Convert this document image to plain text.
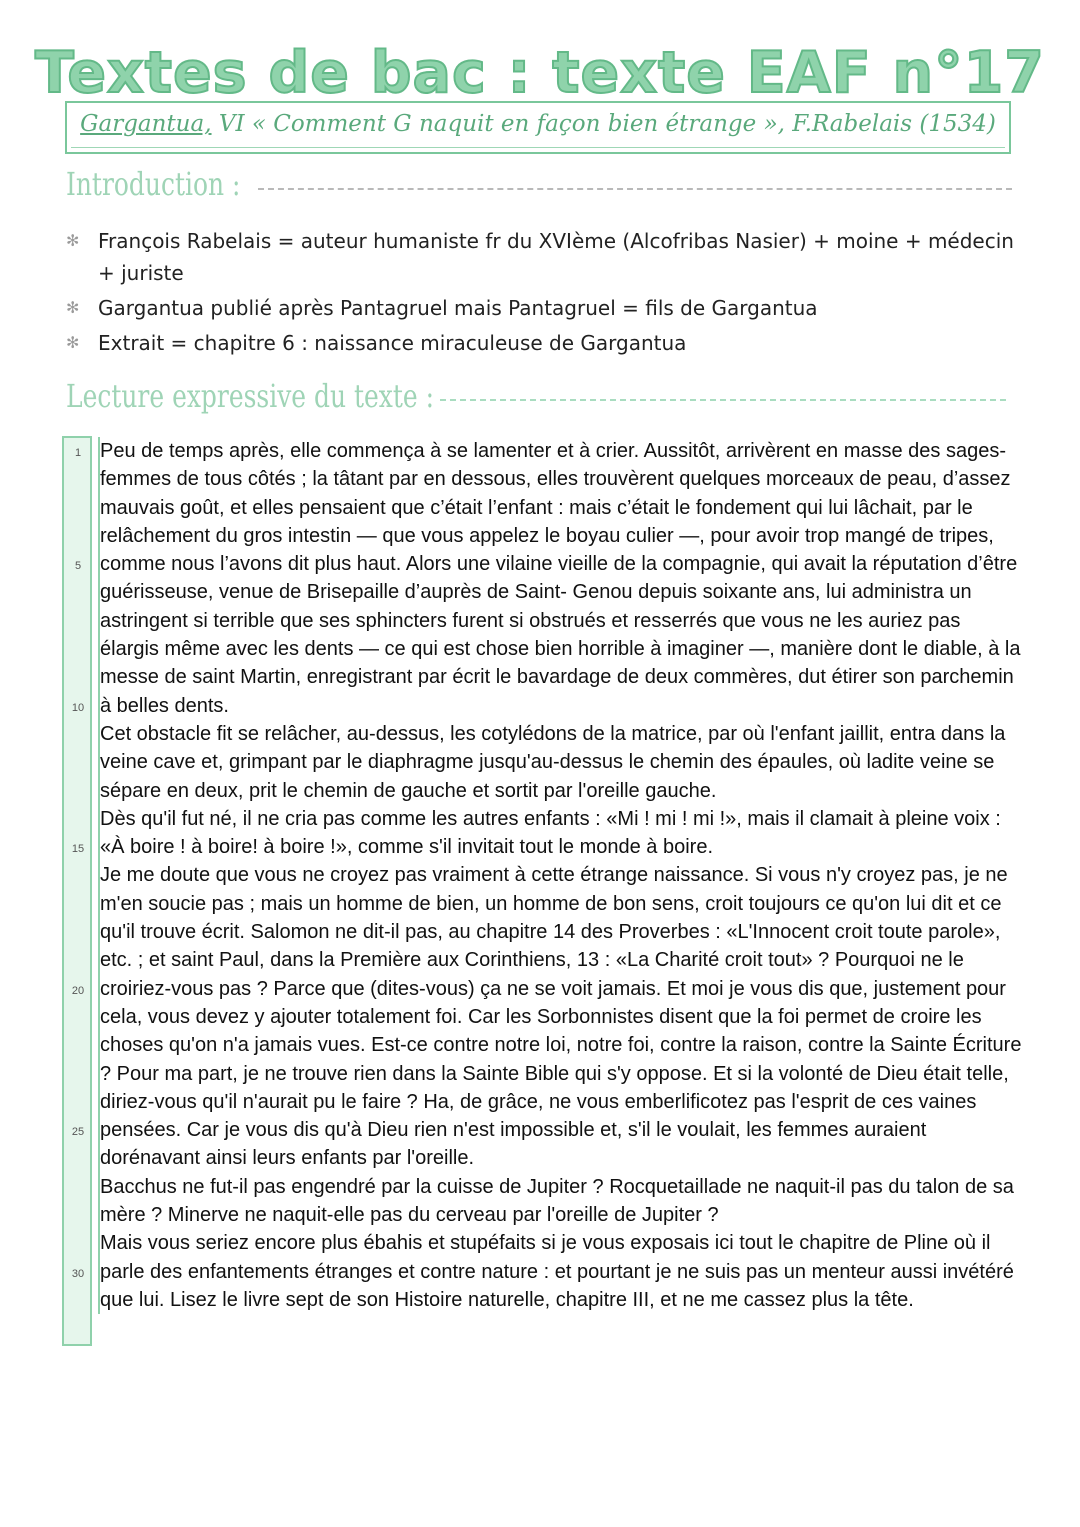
Textes de bac : texte EAF n°17
Gargantua, VI « Comment G naquit en façon bien étrange », F.Rabelais (1534)
Introduction :
✻ François Rabelais = auteur humaniste fr du XVIème (Alcofribas Nasier) + moine + médecin + juriste
✻ Gargantua publié après Pantagruel mais Pantagruel = fils de Gargantua
✻ Extrait = chapitre 6 : naissance miraculeuse de Gargantua
Lecture expressive du texte :
1
5
10
15
20
25
30

Peu de temps après, elle commença à se lamenter et à crier. Aussitôt, arrivèrent en masse des sages-femmes de tous côtés ; la tâtant par en dessous, elles trouvèrent quelques morceaux de peau, d’assez mauvais goût, et elles pensaient que c’était l’enfant : mais c’était le fondement qui lui lâchait, par le relâchement du gros intestin — que vous appelez le boyau culier —, pour avoir trop mangé de tripes, comme nous l’avons dit plus haut. Alors une vilaine vieille de la compagnie, qui avait la réputation d’être guérisseuse, venue de Brisepaille d’auprès de Saint- Genou depuis soixante ans, lui administra un astringent si terrible que ses sphincters furent si obstrués et resserrés que vous ne les auriez pas élargis même avec les dents — ce qui est chose bien horrible à imaginer —, manière dont le diable, à la messe de saint Martin, enregistrant par écrit le bavardage de deux commères, dut étirer son parchemin à belles dents.

Cet obstacle fit se relâcher, au-dessus, les cotylédons de la matrice, par où l'enfant jaillit, entra dans la veine cave et, grimpant par le diaphragme jusqu'au-dessus le chemin des épaules, où ladite veine se sépare en deux, prit le chemin de gauche et sortit par l'oreille gauche.

Dès qu'il fut né, il ne cria pas comme les autres enfants : «Mi ! mi ! mi !», mais il clamait à pleine voix : «À boire ! à boire! à boire !», comme s'il invitait tout le monde à boire.

Je me doute que vous ne croyez pas vraiment à cette étrange naissance. Si vous n'y croyez pas, je ne m'en soucie pas ; mais un homme de bien, un homme de bon sens, croit toujours ce qu'on lui dit et ce qu'il trouve écrit. Salomon ne dit-il pas, au chapitre 14 des Proverbes : «L'Innocent croit toute parole», etc. ; et saint Paul, dans la Première aux Corinthiens, 13 : «La Charité croit tout» ? Pourquoi ne le croiriez-vous pas ? Parce que (dites-vous) ça ne se voit jamais. Et moi je vous dis que, justement pour cela, vous devez y ajouter totalement foi. Car les Sorbonnistes disent que la foi permet de croire les choses qu'on n'a jamais vues. Est-ce contre notre loi, notre foi, contre la raison, contre la Sainte Écriture ? Pour ma part, je ne trouve rien dans la Sainte Bible qui s'y oppose. Et si la volonté de Dieu était telle, diriez-vous qu'il n'aurait pu le faire ? Ha, de grâce, ne vous emberlificotez pas l'esprit de ces vaines pensées. Car je vous dis qu'à Dieu rien n'est impossible et, s'il le voulait, les femmes auraient dorénavant ainsi leurs enfants par l'oreille.

Bacchus ne fut-il pas engendré par la cuisse de Jupiter ? Rocquetaillade ne naquit-il pas du talon de sa mère ? Minerve ne naquit-elle pas du cerveau par l'oreille de Jupiter ?

Mais vous seriez encore plus ébahis et stupéfaits si je vous exposais ici tout le chapitre de Pline où il parle des enfantements étranges et contre nature : et pourtant je ne suis pas un menteur aussi invétéré que lui. Lisez le livre sept de son Histoire naturelle, chapitre III, et ne me cassez plus la tête.
